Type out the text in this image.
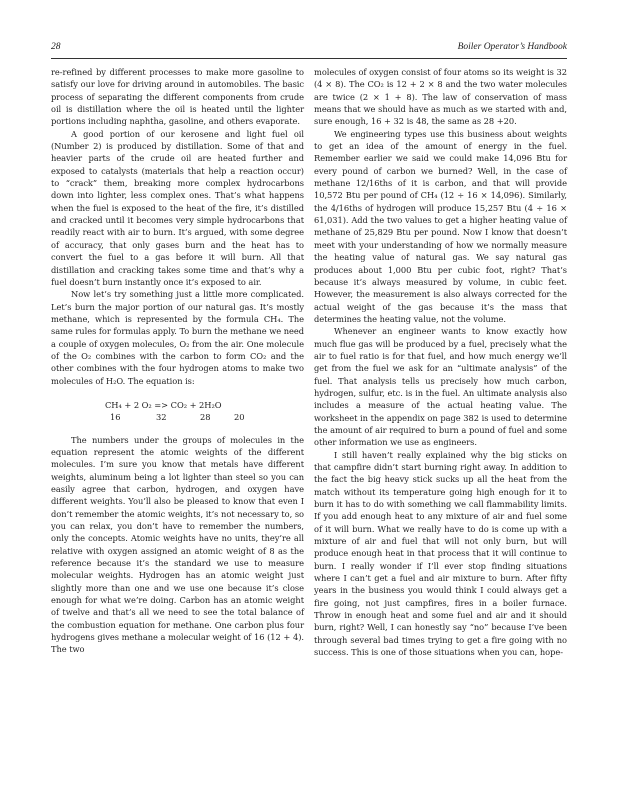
28	Boiler Operator’s Handbook

re-refined by different processes to make more gasoline to satisfy our love for driving around in automobiles. The basic process of separating the different components from crude oil is distillation where the oil is heated until the lighter portions including naphtha, gasoline, and others evaporate.

A good portion of our kerosene and light fuel oil (Number 2) is produced by distillation. Some of that and heavier parts of the crude oil are heated further and exposed to catalysts (materials that help a reaction occur) to “crack” them, breaking more complex hydrocarbons down into lighter, less complex ones. That’s what happens when the fuel is exposed to the heat of the fire, it’s distilled and cracked until it becomes very simple hydrocarbons that readily react with air to burn. It’s argued, with some degree of accuracy, that only gases burn and the heat has to convert the fuel to a gas before it will burn. All that distillation and cracking takes some time and that’s why a fuel doesn’t burn instantly once it’s exposed to air.

Now let’s try something just a little more complicated. Let’s burn the major portion of our natural gas. It’s mostly methane, which is represented by the formula CH₄. The same rules for formulas apply. To burn the methane we need a couple of oxygen molecules, O₂ from the air. One molecule of the O₂ combines with the carbon to form CO₂ and the other combines with the four hydrogen atoms to make two molecules of H₂O. The equation is:

CH₄ + 2 O₂ => CO₂ + 2H₂O
16	32	28	20

The numbers under the groups of molecules in the equation represent the atomic weights of the different molecules. I’m sure you know that metals have different weights, aluminum being a lot lighter than steel so you can easily agree that carbon, hydrogen, and oxygen have different weights. You’ll also be pleased to know that even I don’t remember the atomic weights, it’s not necessary to, so you can relax, you don’t have to remember the numbers, only the concepts. Atomic weights have no units, they’re all relative with oxygen assigned an atomic weight of 8 as the reference because it’s the standard we use to measure molecular weights. Hydrogen has an atomic weight just slightly more than one and we use one because it’s close enough for what we’re doing. Carbon has an atomic weight of twelve and that’s all we need to see the total balance of the combustion equation for methane. One carbon plus four hydrogens gives methane a molecular weight of 16 (12 + 4). The two

molecules of oxygen consist of four atoms so its weight is 32 (4 × 8). The CO₂ is 12 + 2 × 8 and the two water molecules are twice (2 × 1 + 8). The law of conservation of mass means that we should have as much as we started with and, sure enough, 16 + 32 is 48, the same as 28 +20.

We engineering types use this business about weights to get an idea of the amount of energy in the fuel. Remember earlier we said we could make 14,096 Btu for every pound of carbon we burned? Well, in the case of methane 12/16ths of it is carbon, and that will provide 10,572 Btu per pound of CH₄ (12 ÷ 16 × 14,096). Similarly, the 4/16ths of hydrogen will produce 15,257 Btu (4 ÷ 16 × 61,031). Add the two values to get a higher heating value of methane of 25,829 Btu per pound. Now I know that doesn’t meet with your understanding of how we normally measure the heating value of natural gas. We say natural gas produces about 1,000 Btu per cubic foot, right? That’s because it’s always measured by volume, in cubic feet. However, the measurement is also always corrected for the actual weight of the gas because it’s the mass that determines the heating value, not the volume.

Whenever an engineer wants to know exactly how much flue gas will be produced by a fuel, precisely what the air to fuel ratio is for that fuel, and how much energy we’ll get from the fuel we ask for an “ultimate analysis” of the fuel. That analysis tells us precisely how much carbon, hydrogen, sulfur, etc. is in the fuel. An ultimate analysis also includes a measure of the actual heating value. The worksheet in the appendix on page 382 is used to determine the amount of air required to burn a pound of fuel and some other information we use as engineers.

I still haven’t really explained why the big sticks on that campfire didn’t start burning right away. In addition to the fact the big heavy stick sucks up all the heat from the match without its temperature going high enough for it to burn it has to do with something we call flammability limits. If you add enough heat to any mixture of air and fuel some of it will burn. What we really have to do is come up with a mixture of air and fuel that will not only burn, but will produce enough heat in that process that it will continue to burn. I really wonder if I’ll ever stop finding situations where I can’t get a fuel and air mixture to burn. After fifty years in the business you would think I could always get a fire going, not just campfires, fires in a boiler furnace. Throw in enough heat and some fuel and air and it should burn, right? Well, I can honestly say “no” because I’ve been through several bad times trying to get a fire going with no success. This is one of those situations when you can, hope-
